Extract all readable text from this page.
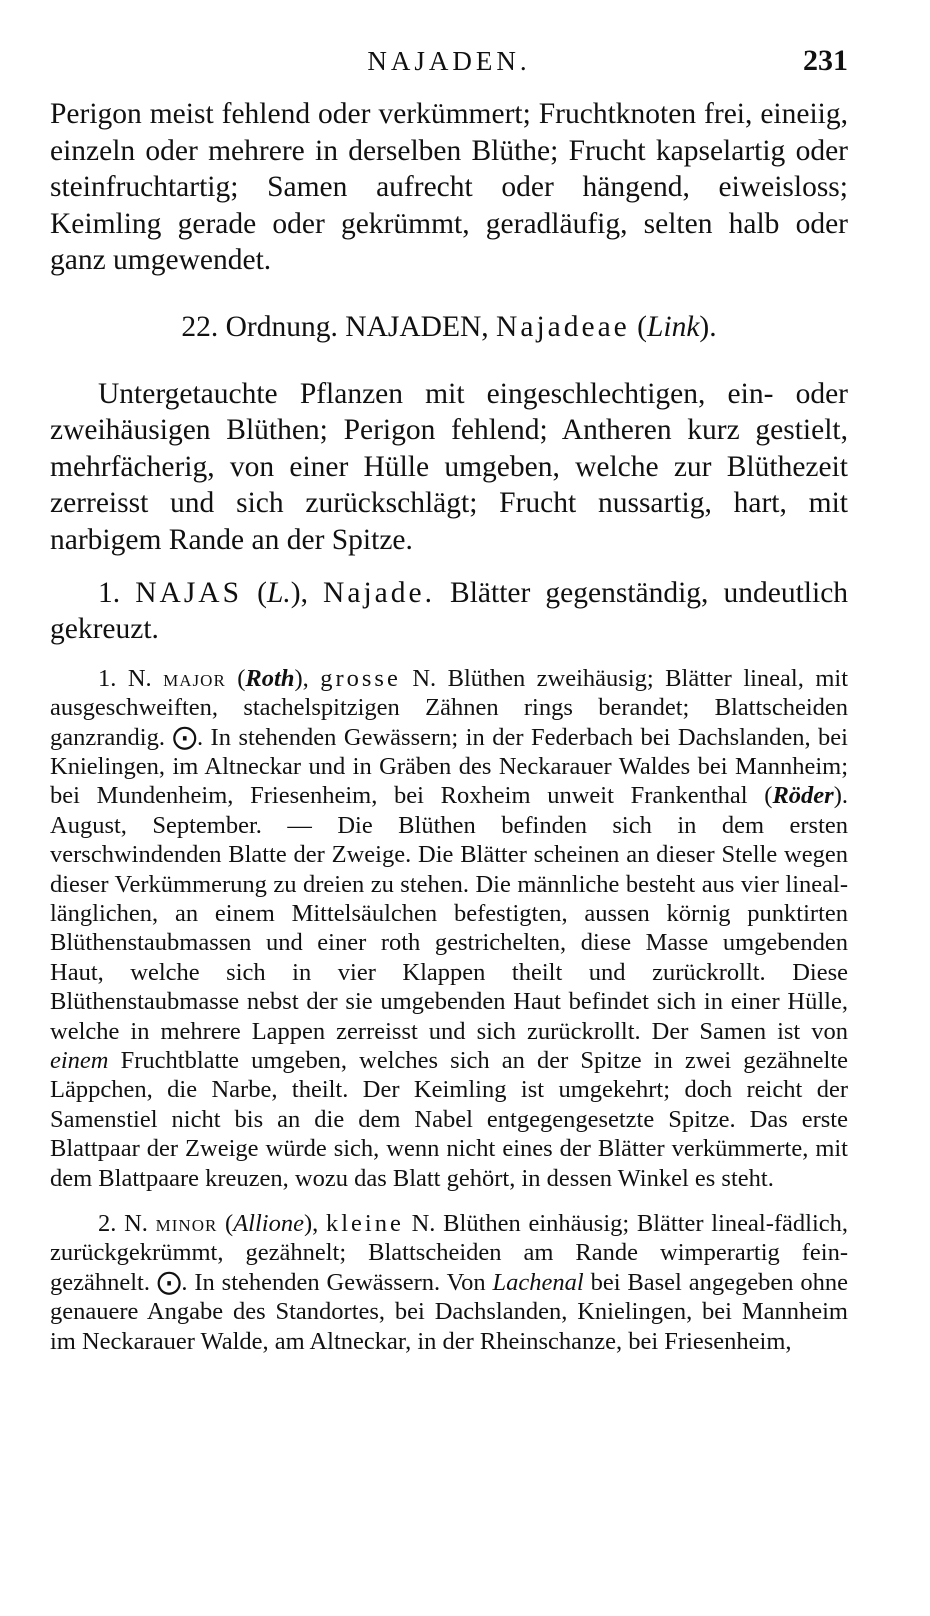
NAJADEN.	231

Perigon meist fehlend oder verkümmert; Fruchtknoten frei, eineiig, einzeln oder mehrere in derselben Blüthe; Frucht kapselartig oder steinfruchtartig; Samen aufrecht oder hängend, eiweisloss; Keimling gerade oder gekrümmt, geradläufig, selten halb oder ganz umgewendet.

22. Ordnung. NAJADEN, Najadeae (Link).

Untergetauchte Pflanzen mit eingeschlechtigen, ein- oder zweihäusigen Blüthen; Perigon fehlend; Antheren kurz gestielt, mehrfächerig, von einer Hülle umgeben, welche zur Blüthezeit zerreisst und sich zurückschlägt; Frucht nussartig, hart, mit narbigem Rande an der Spitze.

1. NAJAS (L.), Najade. Blätter gegenständig, undeutlich gekreuzt.

1. N. major (Roth), grosse N. Blüthen zweihäusig; Blätter lineal, mit ausgeschweiften, stachelspitzigen Zähnen rings berandet; Blattscheiden ganzrandig. ⨀. In stehenden Gewässern; in der Federbach bei Dachslanden, bei Knielingen, im Altneckar und in Gräben des Neckarauer Waldes bei Mannheim; bei Mundenheim, Friesenheim, bei Roxheim unweit Frankenthal (Röder). August, September. — Die Blüthen befinden sich in dem ersten verschwindenden Blatte der Zweige. Die Blätter scheinen an dieser Stelle wegen dieser Verkümmerung zu dreien zu stehen. Die männliche besteht aus vier lineal-länglichen, an einem Mittelsäulchen befestigten, aussen körnig punktirten Blüthenstaubmassen und einer roth gestrichelten, diese Masse umgebenden Haut, welche sich in vier Klappen theilt und zurückrollt. Diese Blüthenstaubmasse nebst der sie umgebenden Haut befindet sich in einer Hülle, welche in mehrere Lappen zerreisst und sich zurückrollt. Der Samen ist von einem Fruchtblatte umgeben, welches sich an der Spitze in zwei gezähnelte Läppchen, die Narbe, theilt. Der Keimling ist umgekehrt; doch reicht der Samenstiel nicht bis an die dem Nabel entgegengesetzte Spitze. Das erste Blattpaar der Zweige würde sich, wenn nicht eines der Blätter verkümmerte, mit dem Blattpaare kreuzen, wozu das Blatt gehört, in dessen Winkel es steht.

2. N. minor (Allione), kleine N. Blüthen einhäusig; Blätter lineal-fädlich, zurückgekrümmt, gezähnelt; Blattscheiden am Rande wimperartig fein-gezähnelt. ⨀. In stehenden Gewässern. Von Lachenal bei Basel angegeben ohne genauere Angabe des Standortes, bei Dachslanden, Knielingen, bei Mannheim im Neckarauer Walde, am Altneckar, in der Rheinschanze, bei Friesenheim,
